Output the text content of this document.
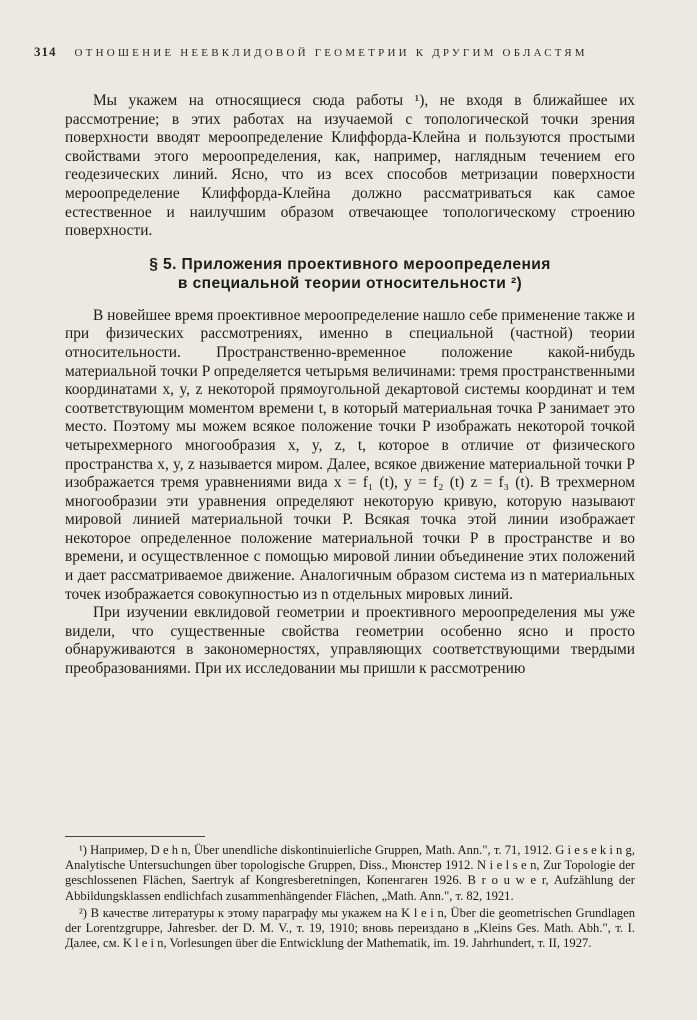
314 ОТНОШЕНИЕ НЕЕВКЛИДОВОЙ ГЕОМЕТРИИ К ДРУГИМ ОБЛАСТЯМ

Мы укажем на относящиеся сюда работы ¹), не входя в ближайшее их рассмотрение; в этих работах на изучаемой с топологической точки зрения поверхности вводят мероопределение Клиффорда-Клейна и пользуются простыми свойствами этого мероопределения, как, например, наглядным течением его геодезических линий. Ясно, что из всех способов метризации поверхности мероопределение Клиффорда-Клейна должно рассматриваться как самое естественное и наилучшим образом отвечающее топологическому строению поверхности.

§ 5. Приложения проективного мероопределения
в специальной теории относительности ²)

В новейшее время проективное мероопределение нашло себе применение также и при физических рассмотрениях, именно в специальной (частной) теории относительности. Пространственно-временное положение какой-нибудь материальной точки P определяется четырьмя величинами: тремя пространственными координатами x, y, z некоторой прямоугольной декартовой системы координат и тем соответствующим моментом времени t, в который материальная точка P занимает это место. Поэтому мы можем всякое положение точки P изображать некоторой точкой четырехмерного многообразия x, y, z, t, которое в отличие от физического пространства x, y, z называется миром. Далее, всякое движение материальной точки P изображается тремя уравнениями вида x = f₁ (t), y = f₂ (t) z = f₃ (t). В трехмерном многообразии эти уравнения определяют некоторую кривую, которую называют мировой линией материальной точки P. Всякая точка этой линии изображает некоторое определенное положение материальной точки P в пространстве и во времени, и осуществленное с помощью мировой линии объединение этих положений и дает рассматриваемое движение. Аналогичным образом система из n материальных точек изображается совокупностью из n отдельных мировых линий.

При изучении евклидовой геометрии и проективного мероопределения мы уже видели, что существенные свойства геометрии особенно ясно и просто обнаруживаются в закономерностях, управляющих соответствующими твердыми преобразованиями. При их исследовании мы пришли к рассмотрению

¹) Например, D e h n, Über unendliche diskontinuierliche Gruppen, Math. Ann.", т. 71, 1912. G i e s e k i n g, Analytische Untersuchungen über topologische Gruppen, Diss., Мюнстер 1912. N i e l s e n, Zur Topologie der geschlossenen Flächen, Saertryk af Kongresberetningen, Копенгаген 1926. B r o u w e r, Aufzählung der Abbildungsklassen endlichfach zusammenhängender Flächen, „Math. Ann.", т. 82, 1921.

²) В качестве литературы к этому параграфу мы укажем на K l e i n, Über die geometrischen Grundlagen der Lorentzgruppe, Jahresber. der D. M. V., т. 19, 1910; вновь переиздано в „Kleins Ges. Math. Abh.", т. I. Далее, см. K l e i n, Vorlesungen über die Entwicklung der Mathematik, im. 19. Jahrhundert, т. II, 1927.
